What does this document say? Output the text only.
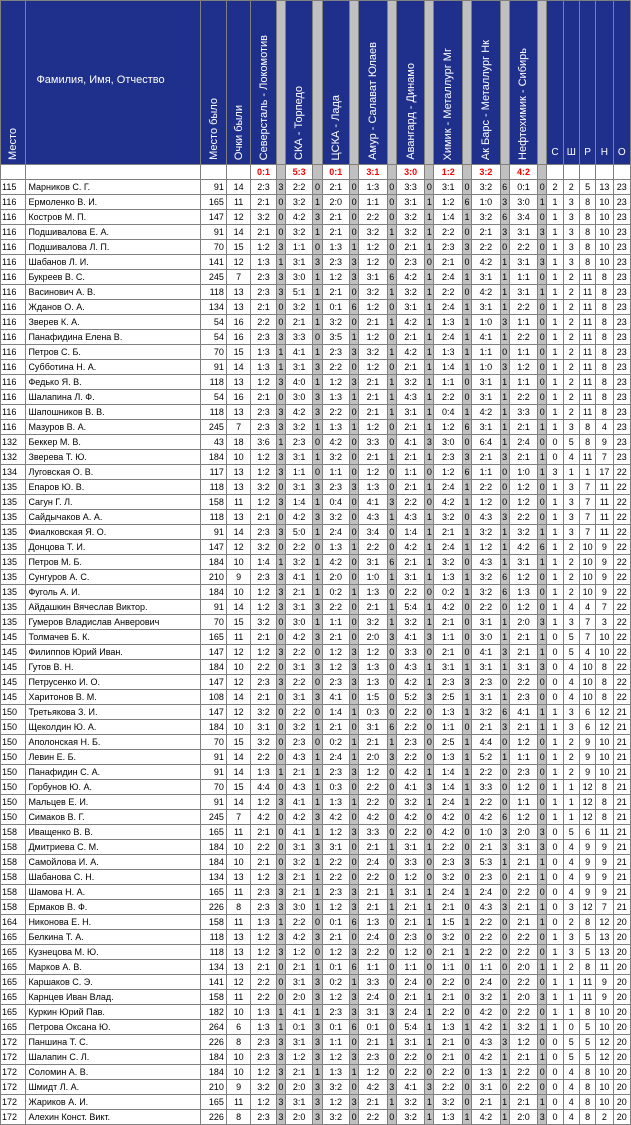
Место	Фамилия, Имя, Отчество	Место было	Очки были	Северсталь - Локомотив		СКА - Торпедо		ЦСКА - Лада		Амур - Салават Юлаев		Авангард - Динамо		Химик - Металлург Мг		Ак Барс - Металлург Нк		Нефтехимик - Сибирь		С	Ш	Р	Н	О

				0:1		5:3		0:1		3:1		3:0		1:2		3:2		4:2						
115	Марников С. Г.	91	14	2:3	3	2:2	0	2:1	0	1:3	0	3:3	0	3:1	0	3:2	6	0:1	0	2	2	5	13	23
116	Ермоленко В. И.	165	11	2:1	0	3:2	1	2:0	0	1:1	0	3:1	1	1:2	6	1:0	3	3:0	1	1	3	8	10	23
116	Костров М. П.	147	12	3:2	0	4:2	3	2:1	0	2:2	0	3:2	1	1:4	1	3:2	6	3:4	0	1	3	8	10	23
116	Подшивалова Е. А.	91	14	2:1	0	3:2	1	2:1	0	3:2	1	3:2	1	2:2	0	2:1	3	3:1	3	1	3	8	10	23
116	Подшивалова Л. П.	70	15	1:2	3	1:1	0	1:3	1	1:2	0	2:1	1	2:3	3	2:2	0	2:2	0	1	3	8	10	23
116	Шабанов Л. И.	141	12	1:3	1	3:1	3	2:3	3	1:2	0	2:3	0	2:1	0	4:2	1	3:1	3	1	3	8	10	23
116	Букреев В. С.	245	7	2:3	3	3:0	1	1:2	3	3:1	6	4:2	1	2:4	1	3:1	1	1:1	0	1	2	11	8	23
116	Васинович А. В.	118	13	2:3	3	5:1	1	2:1	0	3:2	1	3:2	1	2:2	0	4:2	1	3:1	1	1	2	11	8	23
116	Жданов О. А.	134	13	2:1	0	3:2	1	0:1	6	1:2	0	3:1	1	2:4	1	3:1	1	2:2	0	1	2	11	8	23
116	Зверев К. А.	54	16	2:2	0	2:1	1	3:2	0	2:1	1	4:2	1	1:3	1	1:0	3	1:1	0	1	2	11	8	23
116	Панафидина Елена В.	54	16	2:3	3	3:3	0	3:5	1	1:2	0	2:1	1	2:4	1	4:1	1	2:2	0	1	2	11	8	23
116	Петров С. Б.	70	15	1:3	1	4:1	1	2:3	3	3:2	1	4:2	1	1:3	1	1:1	0	1:1	0	1	2	11	8	23
116	Субботина Н. А.	91	14	1:3	1	3:1	3	2:2	0	1:2	0	2:1	1	1:4	1	1:0	3	1:2	0	1	2	11	8	23
116	Федько Я. В.	118	13	1:2	3	4:0	1	1:2	3	2:1	1	3:2	1	1:1	0	3:1	1	1:1	0	1	2	11	8	23
116	Шалапина Л. Ф.	54	16	2:1	0	3:0	3	1:3	1	2:1	1	4:3	1	2:2	0	3:1	1	2:2	0	1	2	11	8	23
116	Шапошников В. В.	118	13	2:3	3	4:2	3	2:2	0	2:1	1	3:1	1	0:4	1	4:2	1	3:3	0	1	2	11	8	23
116	Мазуров В. А.	245	7	2:3	3	3:2	1	1:3	1	1:2	0	2:1	1	1:2	6	3:1	1	2:1	1	1	3	8	4	23
132	Беккер М. В.	43	18	3:6	1	2:3	0	4:2	0	3:3	0	4:1	3	3:0	0	6:4	1	2:4	0	0	5	8	9	23
132	Зверева Т. Ю.	184	10	1:2	3	3:1	1	3:2	0	2:1	1	2:1	1	2:3	3	2:1	3	2:1	1	0	4	11	7	23
134	Луговская О. В.	117	13	1:2	3	1:1	0	1:1	0	1:2	0	1:1	0	1:2	6	1:1	0	1:0	1	3	1	1	17	22
135	Епаров Ю. В.	118	13	3:2	0	3:1	3	2:3	3	1:3	0	2:1	1	2:4	1	2:2	0	1:2	0	1	3	7	11	22
135	Сагун Г. Л.	158	11	1:2	3	1:4	1	0:4	0	4:1	3	2:2	0	4:2	1	1:2	0	1:2	0	1	3	7	11	22
135	Сайдычаков А. А.	118	13	2:1	0	4:2	3	3:2	0	4:3	1	4:3	1	3:2	0	4:3	3	2:2	0	1	3	7	11	22
135	Фиалковская Я. О.	91	14	2:3	3	5:0	1	2:4	0	3:4	0	1:4	1	2:1	1	3:2	1	3:2	1	1	3	7	11	22
135	Донцова Т. И.	147	12	3:2	0	2:2	0	1:3	1	2:2	0	4:2	1	2:4	1	1:2	1	4:2	6	1	2	10	9	22
135	Петров М. Б.	184	10	1:4	1	3:2	1	4:2	0	3:1	6	2:1	1	3:2	0	4:3	1	3:1	1	1	2	10	9	22
135	Сунгуров А. С.	210	9	2:3	3	4:1	1	2:0	0	1:0	1	3:1	1	1:3	1	3:2	6	1:2	0	1	2	10	9	22
135	Фуголь А. И.	184	10	1:2	3	2:1	1	0:2	1	1:3	0	2:2	0	0:2	1	3:2	6	1:3	0	1	2	10	9	22
135	Айдашкин Вячеслав Виктор.	91	14	1:2	3	3:1	3	2:2	0	2:1	1	5:4	1	4:2	0	2:2	0	1:2	0	1	4	4	7	22
135	Гумеров Владислав Анверович	70	15	3:2	0	3:0	1	1:1	0	3:2	1	3:2	1	2:1	0	3:1	1	2:0	3	1	3	7	3	22
145	Толмачев Б. К.	165	11	2:1	0	4:2	3	2:1	0	2:0	3	4:1	3	1:1	0	3:0	1	2:1	1	0	5	7	10	22
145	Филиппов Юрий Иван.	147	12	1:2	3	2:2	0	1:2	3	1:2	0	3:3	0	2:1	0	4:1	3	2:1	1	0	5	4	10	22
145	Гутов В. Н.	184	10	2:2	0	3:1	3	1:2	3	1:3	0	4:3	1	3:1	1	3:1	1	3:1	3	0	4	10	8	22
145	Петрусенко И. О.	147	12	2:3	3	2:2	0	2:3	3	1:3	0	4:2	1	2:3	3	2:3	0	2:2	0	0	4	10	8	22
145	Харитонов В. М.	108	14	2:1	0	3:1	3	4:1	0	1:5	0	5:2	3	2:5	1	3:1	1	2:3	0	0	4	10	8	22
150	Третьякова З. И.	147	12	3:2	0	2:2	0	1:4	1	0:3	0	2:2	0	1:3	1	3:2	6	4:1	1	1	3	6	12	21
150	Щеколдин Ю. А.	184	10	3:1	0	3:2	1	2:1	0	3:1	6	2:2	0	1:1	0	2:1	3	2:1	1	1	3	6	12	21
150	Аполонская Н. Б.	70	15	3:2	0	2:3	0	0:2	1	2:1	1	2:3	0	2:5	1	4:4	0	1:2	0	1	2	9	10	21
150	Левин Е. Б.	91	14	2:2	0	4:3	1	2:4	1	2:0	3	2:2	0	1:3	1	5:2	1	1:1	0	1	2	9	10	21
150	Панафидин С. А.	91	14	1:3	1	2:1	1	2:3	3	1:2	0	4:2	1	1:4	1	2:2	0	2:3	0	1	2	9	10	21
150	Горбунов Ю. А.	70	15	4:4	0	4:3	1	0:3	0	2:2	0	4:1	3	1:4	1	3:3	0	1:2	0	1	1	12	8	21
150	Мальцев Е. И.	91	14	1:2	3	4:1	1	1:3	1	2:2	0	3:2	1	2:4	1	2:2	0	1:1	0	1	1	12	8	21
150	Симаков В. Г.	245	7	4:2	0	4:2	3	4:2	0	4:2	0	4:2	0	4:2	0	4:2	6	1:2	0	1	1	12	8	21
158	Иващенко В. В.	165	11	2:1	0	4:1	1	1:2	3	3:3	0	2:2	0	4:2	0	1:0	3	2:0	3	0	5	6	11	21
158	Дмитриева С. М.	184	10	2:2	0	3:1	3	3:1	0	2:1	1	3:1	1	2:2	0	2:1	3	3:1	3	0	4	9	9	21
158	Самойлова И. А.	184	10	2:1	0	3:2	1	2:2	0	2:4	0	3:3	0	2:3	3	5:3	1	2:1	1	0	4	9	9	21
158	Шабанова С. Н.	134	13	1:2	3	2:1	1	2:2	0	2:2	0	1:2	0	3:2	0	2:3	0	2:1	1	0	4	9	9	21
158	Шамова Н. А.	165	11	2:3	3	2:1	1	2:3	3	2:1	1	3:1	1	2:4	1	2:4	0	2:2	0	0	4	9	9	21
158	Ермаков В. Ф.	226	8	2:3	3	3:0	1	1:2	3	2:1	1	2:1	1	2:1	0	4:3	3	2:1	1	0	3	12	7	21
164	Никонова Е. Н.	158	11	1:3	1	2:2	0	0:1	6	1:3	0	2:1	1	1:5	1	2:2	0	2:1	1	0	2	8	12	20
165	Белкина Т. А.	118	13	1:2	3	4:2	3	2:1	0	2:4	0	2:3	0	3:2	0	2:2	0	2:2	0	1	3	5	13	20
165	Кузнецова М. Ю.	118	13	1:2	3	1:2	0	1:2	3	2:2	0	1:2	0	2:1	1	2:2	0	2:2	0	1	3	5	13	20
165	Марков А. В.	134	13	2:1	0	2:1	1	0:1	6	1:1	0	1:1	0	1:1	0	1:1	0	2:0	1	1	2	8	11	20
165	Каршаков С. Э.	141	12	2:2	0	3:1	3	0:2	1	3:3	0	2:4	0	2:2	0	2:4	0	2:2	0	1	1	11	9	20
165	Карнцев Иван Влад.	158	11	2:2	0	2:0	3	1:2	3	2:4	0	2:1	1	2:1	0	3:2	1	2:0	3	1	1	11	9	20
165	Куркин Юрий Пав.	182	10	1:3	1	4:1	1	2:3	3	3:1	3	2:4	1	2:2	0	4:2	0	2:2	0	1	1	8	10	20
165	Петрова Оксана Ю.	264	6	1:3	1	0:1	3	0:1	6	0:1	0	5:4	1	1:3	1	4:2	1	3:2	1	1	0	5	10	20
172	Паншина Т. С.	226	8	2:3	3	3:1	3	1:1	0	2:1	1	3:1	1	2:1	0	4:3	3	1:2	0	0	5	5	12	20
172	Шалапин С. Л.	184	10	2:3	3	1:2	3	1:2	3	2:3	0	2:2	0	2:1	0	4:2	1	2:1	1	0	5	5	12	20
172	Соломин А. В.	184	10	1:2	3	2:1	1	1:3	1	1:2	0	2:2	0	2:2	0	1:3	1	2:2	0	0	4	8	10	20
172	Шмидт Л. А.	210	9	3:2	0	2:0	3	3:2	0	4:2	3	4:1	3	2:2	0	3:1	0	2:2	0	0	4	8	10	20
172	Жариков А. И.	165	11	1:2	3	3:1	3	1:2	3	2:1	1	3:2	1	3:2	0	2:1	1	2:1	1	0	4	8	10	20
172	Алехин Конст. Викт.	226	8	2:3	3	2:0	3	3:2	0	2:2	0	3:2	1	1:3	1	4:2	1	2:0	3	0	4	8	2	20
